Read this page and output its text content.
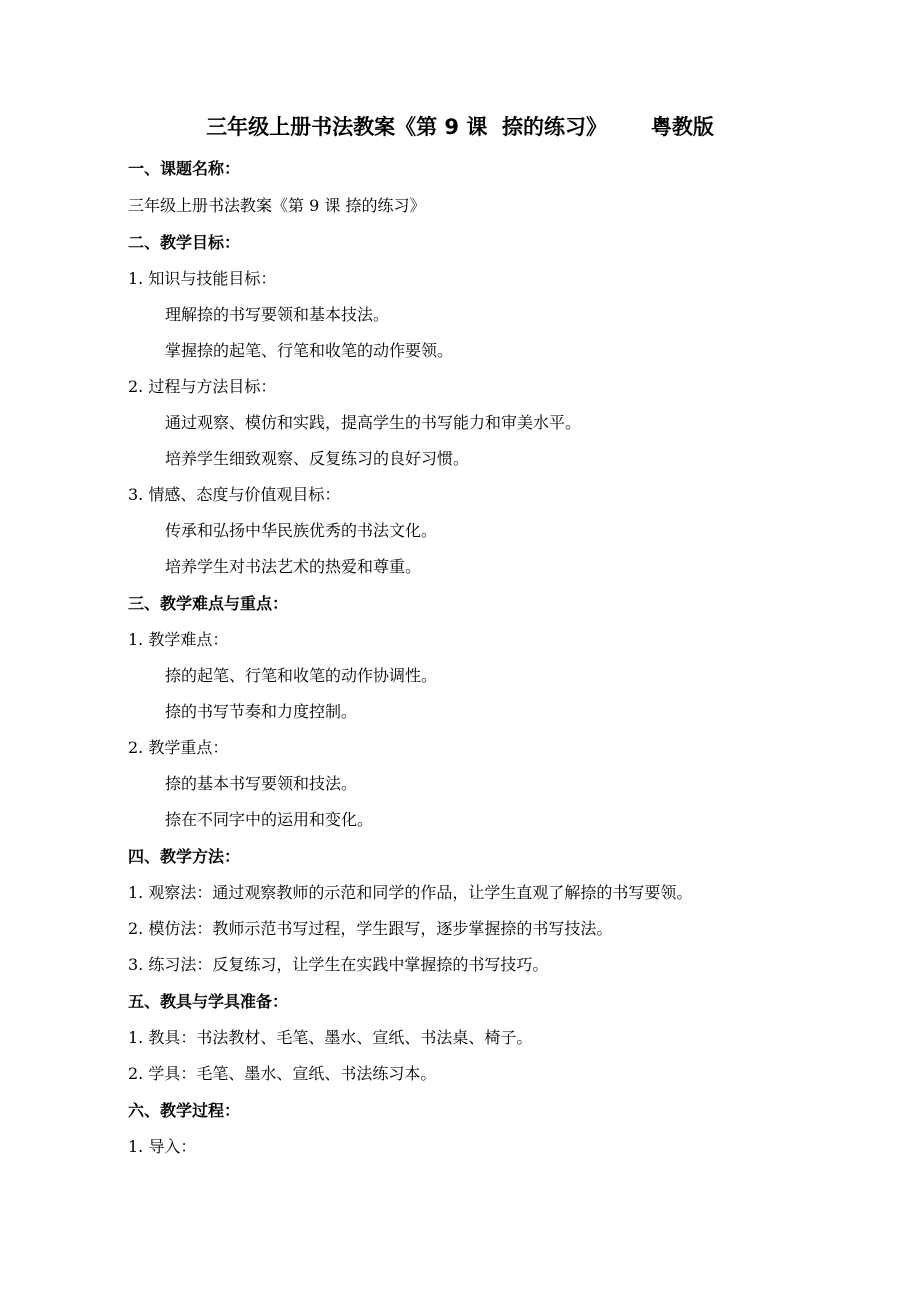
三年级上册书法教案《第 9 课  捺的练习》      粤教版
一、课题名称：
三年级上册书法教案《第 9 课 捺的练习》
二、教学目标：
1. 知识与技能目标：
理解捺的书写要领和基本技法。
掌握捺的起笔、行笔和收笔的动作要领。
2. 过程与方法目标：
通过观察、模仿和实践，提高学生的书写能力和审美水平。
培养学生细致观察、反复练习的良好习惯。
3. 情感、态度与价值观目标：
传承和弘扬中华民族优秀的书法文化。
培养学生对书法艺术的热爱和尊重。
三、教学难点与重点：
1. 教学难点：
捺的起笔、行笔和收笔的动作协调性。
捺的书写节奏和力度控制。
2. 教学重点：
捺的基本书写要领和技法。
捺在不同字中的运用和变化。
四、教学方法：
1. 观察法：通过观察教师的示范和同学的作品，让学生直观了解捺的书写要领。
2. 模仿法：教师示范书写过程，学生跟写，逐步掌握捺的书写技法。
3. 练习法：反复练习，让学生在实践中掌握捺的书写技巧。
五、教具与学具准备：
1. 教具：书法教材、毛笔、墨水、宣纸、书法桌、椅子。
2. 学具：毛笔、墨水、宣纸、书法练习本。
六、教学过程：
1. 导入：
